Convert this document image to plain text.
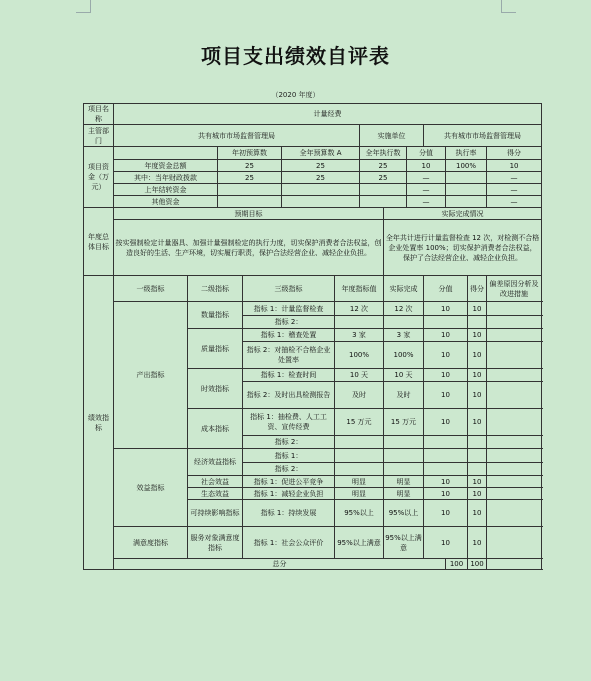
项目支出绩效自评表
（2020 年度）
项目名称	计量经费												
主管部门	共有城市市场监督管理局						实施单位			共有城市市场监督管理局			
项目资金（万元）			年初预算数		全年预算数 A		全年执行数		分值		执行率		得分
	年度资金总额		25		25		25		10		100%		10
	其中：当年财政拨款		25		25		25		—				—
	上年结转资金								—				—
	其他资金								—				—
年度总体目标	预期目标							实际完成情况					
	按实强制检定计量器具、加强计量强制检定的执行力度，切实保护消费者合法权益，创造良好的生活、生产环境，切实履行职责，保护合法经营企业、减轻企业负担。							全年共计进行计量监督检查 12 次，对检测不合格企业处置率 100%；切实保护消费者合法权益，保护了合法经营企业、减轻企业负担。					
绩效指标	一级指标	二级指标		三级指标		年度指标值		实际完成		分值		得分	偏差原因分析及改进措施
	产出指标	数量指标		指标 1：计量监督检查		12 次		12 次		10		10	
				指标 2：									
		质量指标		指标 1：稽查处置		3 家		3 家		10		10	
				指标 2：对抽检不合格企业处置率		100%		100%		10		10	
		时效指标		指标 1：检查时间		10 天		10 天		10		10	
				指标 2：及时出具检测报告		及时		及时		10		10	
		成本指标		指标 1：抽检费、人工工资、宣传经费		15 万元		15 万元		10		10	
				指标 2：									
	效益指标	经济效益指标		指标 1：									
				指标 2：									
		社会效益		指标 1：促进公平竞争		明显		明显		10		10	
		生态效益		指标 1：减轻企业负担		明显		明显		10		10	
		可持续影响指标		指标 1：持续发展		95%以上		95%以上		10		10	
	满意度指标	服务对象满意度指标		指标 1：社会公众评价		95%以上满意		95%以上满意		10		10	
	总分										100	100	
